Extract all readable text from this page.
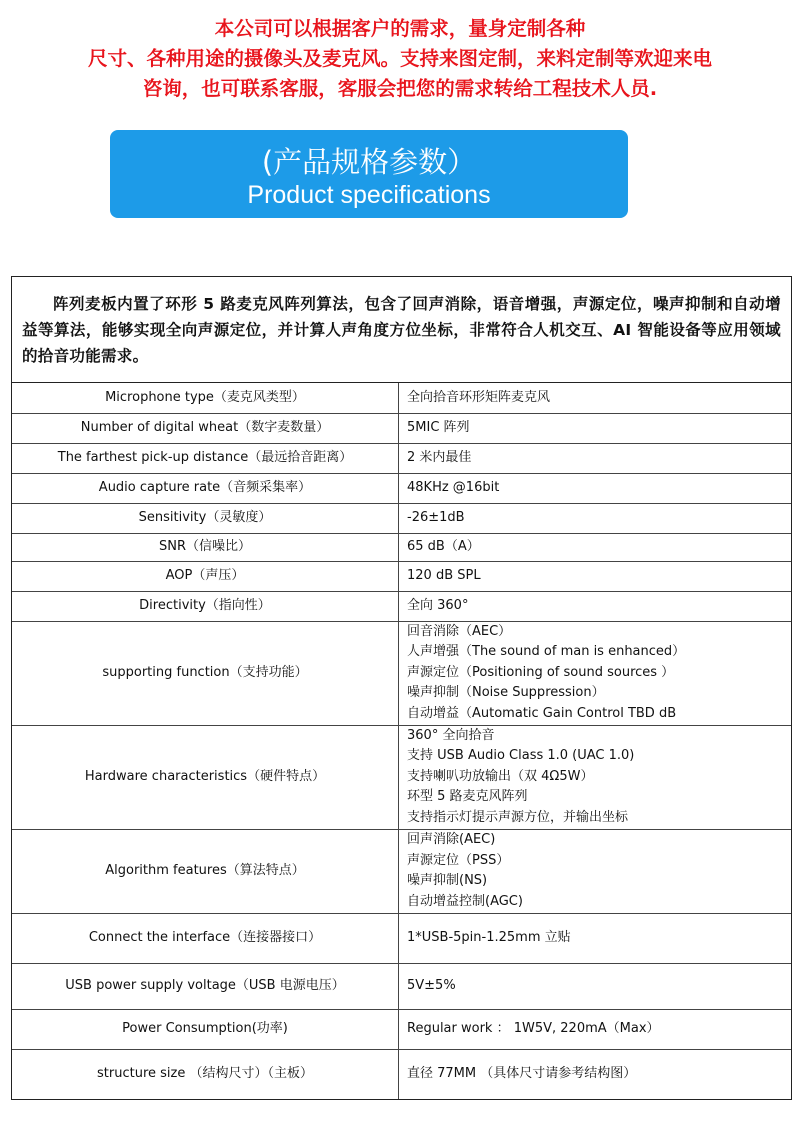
本公司可以根据客户的需求，量身定制各种
尺寸、各种用途的摄像头及麦克风。支持来图定制，来料定制等欢迎来电
咨询，也可联系客服，客服会把您的需求转给工程技术人员.
(产品规格参数）
Product specifications
阵列麦板内置了环形 5 路麦克风阵列算法，包含了回声消除，语音增强，声源定位，噪声抑制和自动增益等算法，能够实现全向声源定位，并计算人声角度方位坐标，非常符合人机交互、AI 智能设备等应用领域的拾音功能需求。
Microphone type（麦克风类型）	全向拾音环形矩阵麦克风
Number of digital wheat（数字麦数量）	5MIC 阵列
The farthest pick-up distance（最远拾音距离）	2 米内最佳
Audio capture rate（音频采集率）	48KHz @16bit
Sensitivity（灵敏度）	-26±1dB
SNR（信噪比）	65 dB（A）
AOP（声压）	120 dB SPL
Directivity（指向性）	全向 360°
supporting function（支持功能）	回音消除（AEC）
人声增强（The sound of man is enhanced）
声源定位（Positioning of sound sources ）
噪声抑制（Noise Suppression）
自动增益（Automatic Gain Control TBD dB

Hardware characteristics（硬件特点）	360° 全向拾音
支持 USB Audio Class 1.0 (UAC 1.0)
支持喇叭功放输出（双 4Ω5W）
环型 5 路麦克风阵列
支持指示灯提示声源方位，并输出坐标

Algorithm features（算法特点）	回声消除(AEC)
声源定位（PSS）
噪声抑制(NS)
自动增益控制(AGC)

Connect the interface（连接器接口）	1*USB-5pin-1.25mm 立贴
USB power supply voltage（USB 电源电压）	5V±5%
Power Consumption(功率)	Regular work ： 1W5V, 220mA（Max）
structure size （结构尺寸）（主板）	直径 77MM （具体尺寸请参考结构图）
